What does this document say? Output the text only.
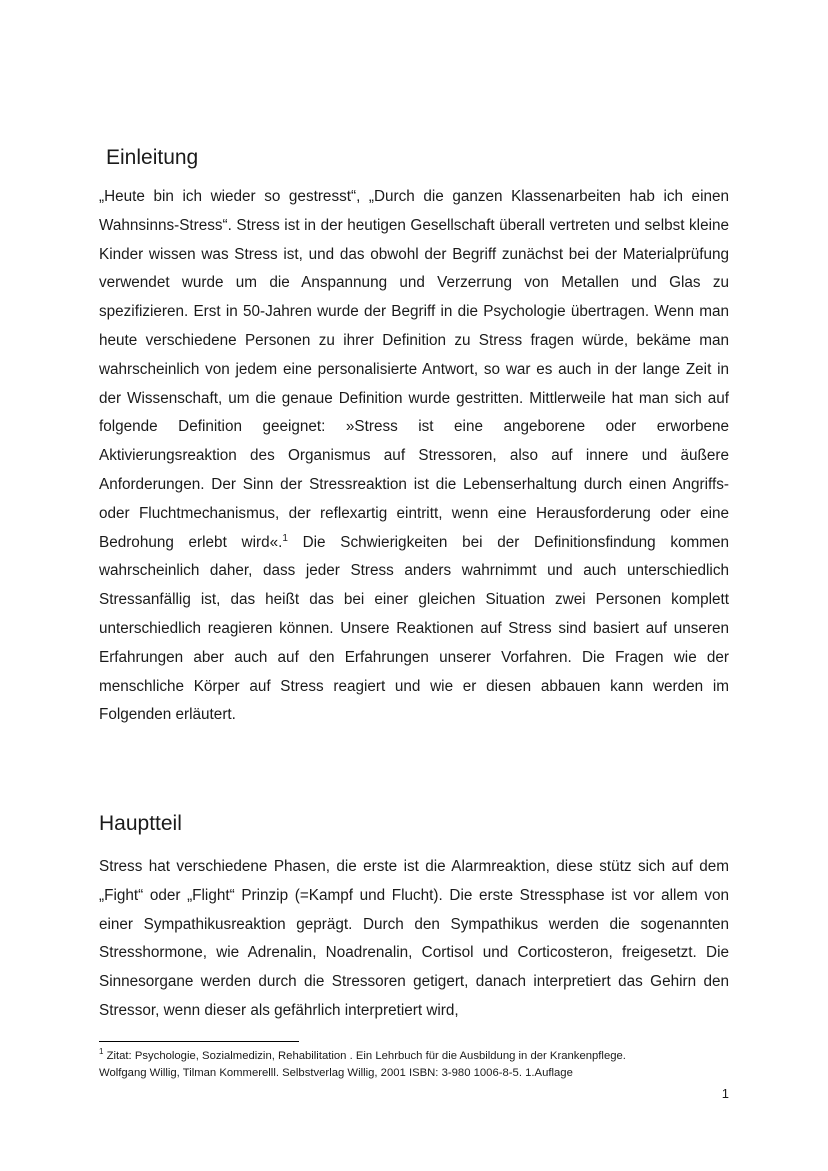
Einleitung

„Heute bin ich wieder so gestresst“, „Durch die ganzen Klassenarbeiten hab ich einen Wahnsinns-Stress“. Stress ist in der heutigen Gesellschaft überall vertreten und selbst kleine Kinder wissen was Stress ist, und das obwohl der Begriff zunächst bei der Materialprüfung verwendet wurde um die Anspannung und Verzerrung von Metallen und Glas zu spezifizieren. Erst in 50-Jahren wurde der Begriff in die Psychologie übertragen. Wenn man heute verschiedene Personen zu ihrer Definition zu Stress fragen würde, bekäme man wahrscheinlich von jedem eine personalisierte Antwort, so war es auch in der lange Zeit in der Wissenschaft, um die genaue Definition wurde gestritten. Mittlerweile hat man sich auf folgende Definition geeignet: »Stress ist eine angeborene oder erworbene Aktivierungsreaktion des Organismus auf Stressoren, also auf innere und äußere Anforderungen. Der Sinn der Stressreaktion ist die Lebenserhaltung durch einen Angriffs- oder Fluchtmechanismus, der reflexartig eintritt, wenn eine Herausforderung oder eine Bedrohung erlebt wird«.$^1$ Die Schwierigkeiten bei der Definitionsfindung kommen wahrscheinlich daher, dass jeder Stress anders wahrnimmt und auch unterschiedlich Stressanfällig ist, das heißt das bei einer gleichen Situation zwei Personen komplett unterschiedlich reagieren können. Unsere Reaktionen auf Stress sind basiert auf unseren Erfahrungen aber auch auf den Erfahrungen unserer Vorfahren. Die Fragen wie der menschliche Körper auf Stress reagiert und wie er diesen abbauen kann werden im Folgenden erläutert.

Hauptteil

Stress hat verschiedene Phasen, die erste ist die Alarmreaktion, diese stütz sich auf dem „Fight“ oder „Flight“ Prinzip (=Kampf und Flucht). Die erste Stressphase ist vor allem von einer Sympathikusreaktion geprägt. Durch den Sympathikus werden die sogenannten Stresshormone, wie Adrenalin, Noadrenalin, Cortisol und Corticosteron, freigesetzt. Die Sinnesorgane werden durch die Stressoren getigert, danach interpretiert das Gehirn den Stressor, wenn dieser als gefährlich interpretiert wird,

$^1$ Zitat: Psychologie, Sozialmedizin, Rehabilitation . Ein Lehrbuch für die Ausbildung in der Krankenpflege.
Wolfgang Willig, Tilman Kommerelll. Selbstverlag Willig, 2001 ISBN: 3-980 1006-8-5. 1.Auflage
1
